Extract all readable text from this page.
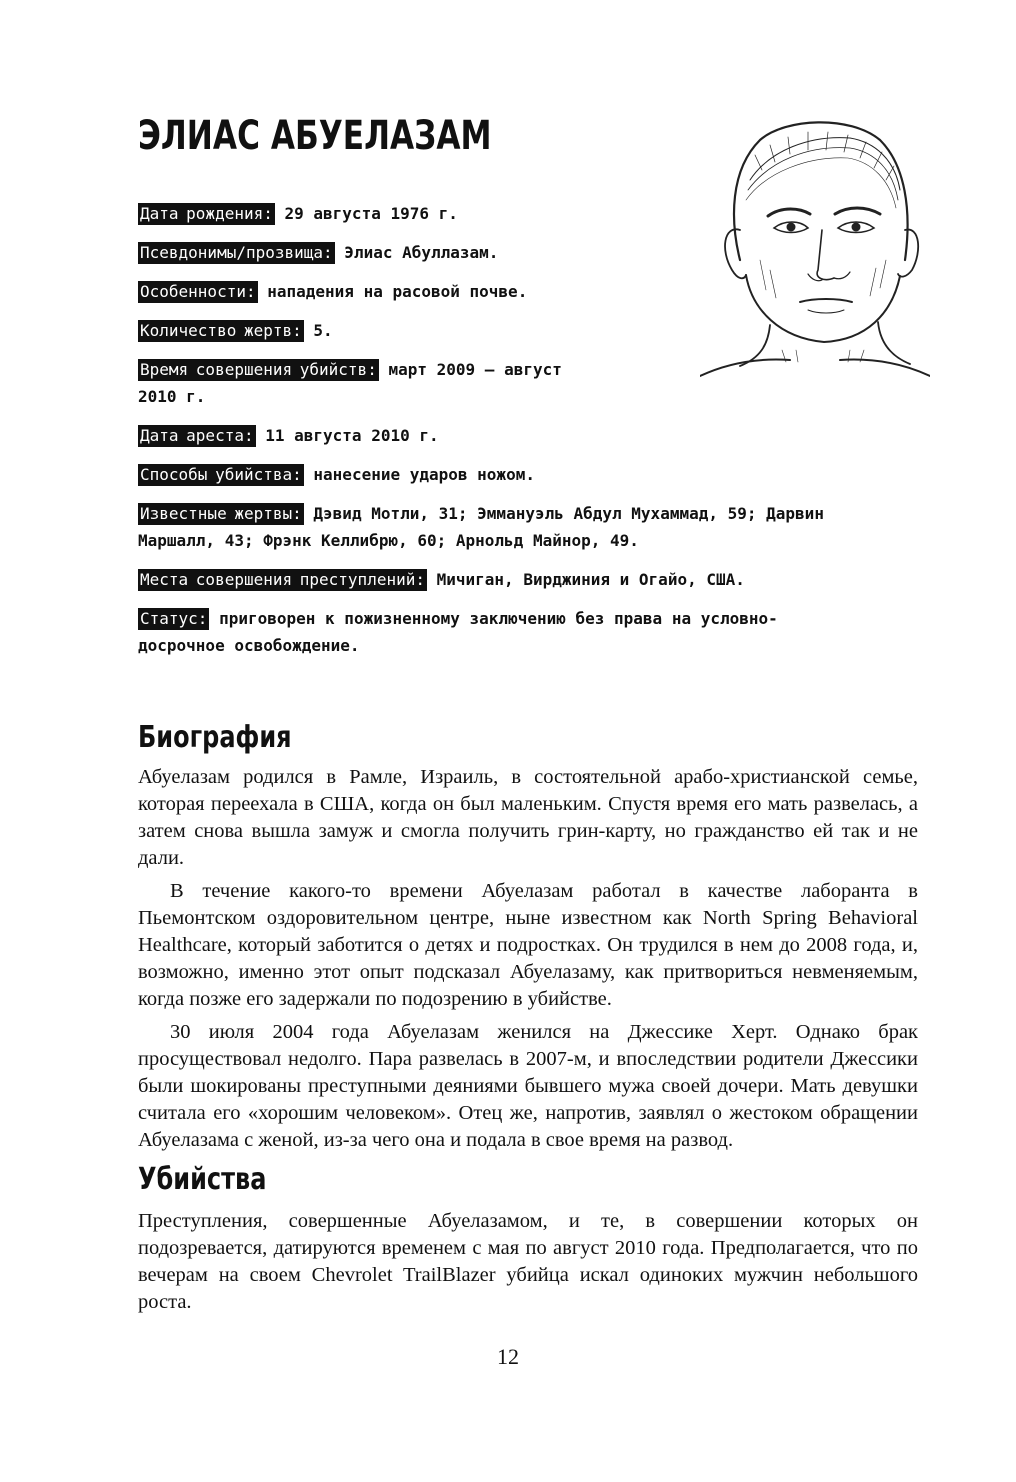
ЭЛИАС АБУЕЛАЗАМ

Дата рождения: 29 августа 1976 г.

Псевдонимы/прозвища: Элиас Абуллазам.

Особенности: нападения на расовой почве.

Количество жертв: 5.

Время совершения убийств: март 2009 — август 2010 г.

Дата ареста: 11 августа 2010 г.

Способы убийства: нанесение ударов ножом.

Известные жертвы: Дэвид Мотли, 31; Эммануэль Абдул Мухаммад, 59; Дарвин Маршалл, 43; Фрэнк Келлибрю, 60; Арнольд Майнор, 49.

Места совершения преступлений: Мичиган, Вирджиния и Огайо, США.

Статус: приговорен к пожизненному заключению без права на условно-досрочное освобождение.

Биография

Абуелазам родился в Рамле, Израиль, в состоятельной арабо-христианской семье, которая переехала в США, когда он был маленьким. Спустя время его мать развелась, а затем снова вышла замуж и смогла получить грин-карту, но гражданство ей так и не дали.

В течение какого-то времени Абуелазам работал в качестве лаборанта в Пьемонтском оздоровительном центре, ныне известном как North Spring Behavioral Healthcare, который заботится о детях и подростках. Он трудился в нем до 2008 года, и, возможно, именно этот опыт подсказал Абуелазаму, как притвориться невменяемым, когда позже его задержали по подозрению в убийстве.

30 июля 2004 года Абуелазам женился на Джессике Херт. Однако брак просуществовал недолго. Пара развелась в 2007-м, и впоследствии родители Джессики были шокированы преступными деяниями бывшего мужа своей дочери. Мать девушки считала его «хорошим человеком». Отец же, напротив, заявлял о жестоком обращении Абуелазама с женой, из-за чего она и подала в свое время на развод.

Убийства

Преступления, совершенные Абуелазамом, и те, в совершении которых он подозревается, датируются временем с мая по август 2010 года. Предполагается, что по вечерам на своем Chevrolet TrailBlazer убийца искал одиноких мужчин небольшого роста.

12
